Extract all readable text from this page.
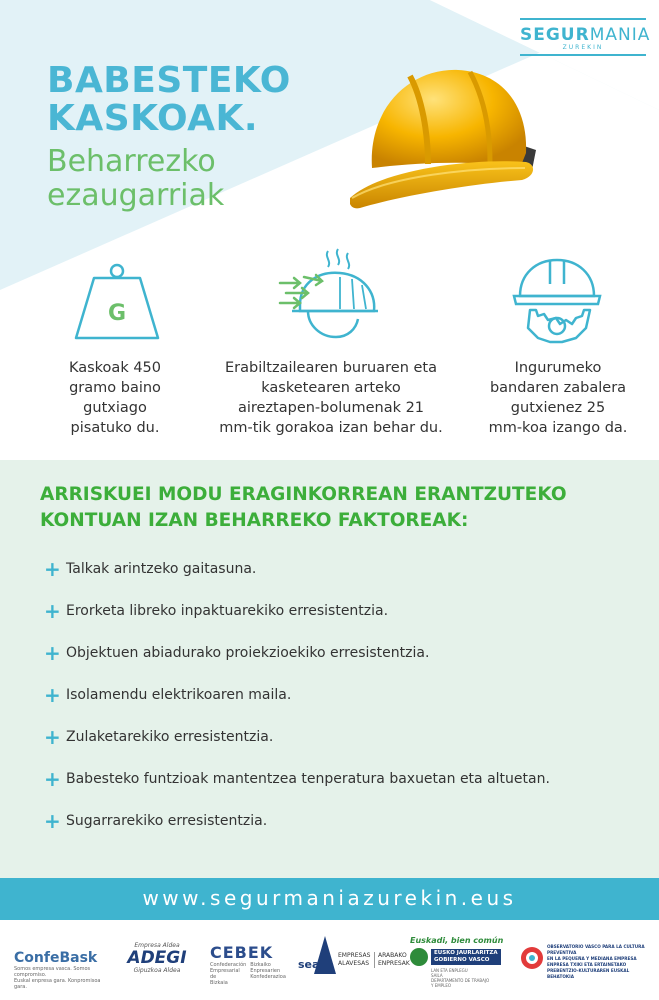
SEGURMANIA
ZUREKIN
BABESTEKO
KASKOAK.
Beharrezko
ezaugarriak
G
Kaskoak 450
gramo baino
gutxiago
pisatuko du.
Erabiltzailearen buruaren eta
kasketearen arteko
aireztapen-bolumenak 21
mm-tik gorakoa izan behar du.
Ingurumeko
bandaren zabalera
gutxienez 25
mm-koa izango da.
ARRISKUEI MODU ERAGINKORREAN ERANTZUTEKO
KONTUAN IZAN BEHARREKO FAKTOREAK:
+ Talkak arintzeko gaitasuna.
+ Erorketa libreko inpaktuarekiko erresistentzia.
+ Objektuen abiadurako proiekzioekiko erresistentzia.
+ Isolamendu elektrikoaren maila.
+ Zulaketarekiko erresistentzia.
+ Babesteko funtzioak mantentzea tenperatura baxuetan eta altuetan.
+ Sugarrarekiko erresistentzia.
www.segurmaniazurekin.eus
ConfeBask
Somos empresa vasca. Somos compromiso.
Euskal enpresa gara. Konpromisoa gara.
Empresa Aldea
ADEGI
Gipuzkoa Aldea
CEBEK
Confederación
Empresarial de
Bizkaia
Bizkaiko
Enpresarien
Konfederazioa
sea
EMPRESAS
ALAVESAS
ARABAKO
ENPRESAK
Euskadi, bien común
EUSKO JAURLARITZA
GOBIERNO VASCO
LAN ETA ENPLEGU
SAILA
DEPARTAMENTO DE TRABAJO
Y EMPLEO
OBSERVATORIO VASCO PARA LA CULTURA PREVENTIVA
EN LA PEQUEÑA Y MEDIANA EMPRESA
ENPRESA TXIKI ETA ERTAINETAKO
PREBENTZIO-KULTURAREN EUSKAL BEHATOKIA
